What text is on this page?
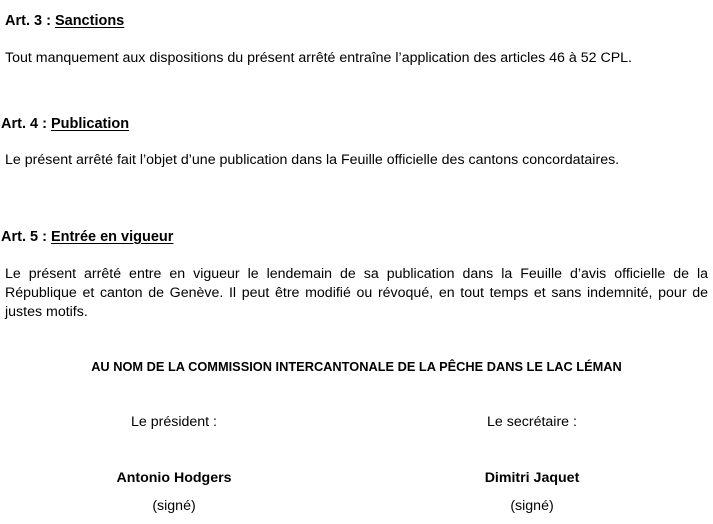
Art. 3 : Sanctions

Tout manquement aux dispositions du présent arrêté entraîne l’application des articles 46 à 52 CPL.

Art. 4 : Publication

Le présent arrêté fait l’objet d’une publication dans la Feuille officielle des cantons concordataires.

Art. 5 : Entrée en vigueur

Le présent arrêté entre en vigueur le lendemain de sa publication dans la Feuille d’avis officielle de la République et canton de Genève. Il peut être modifié ou révoqué, en tout temps et sans indemnité, pour de justes motifs.

AU NOM DE LA COMMISSION INTERCANTONALE DE LA PÊCHE DANS LE LAC LÉMAN
Le président :
Antonio Hodgers
(signé)
Le secrétaire :
Dimitri Jaquet
(signé)
